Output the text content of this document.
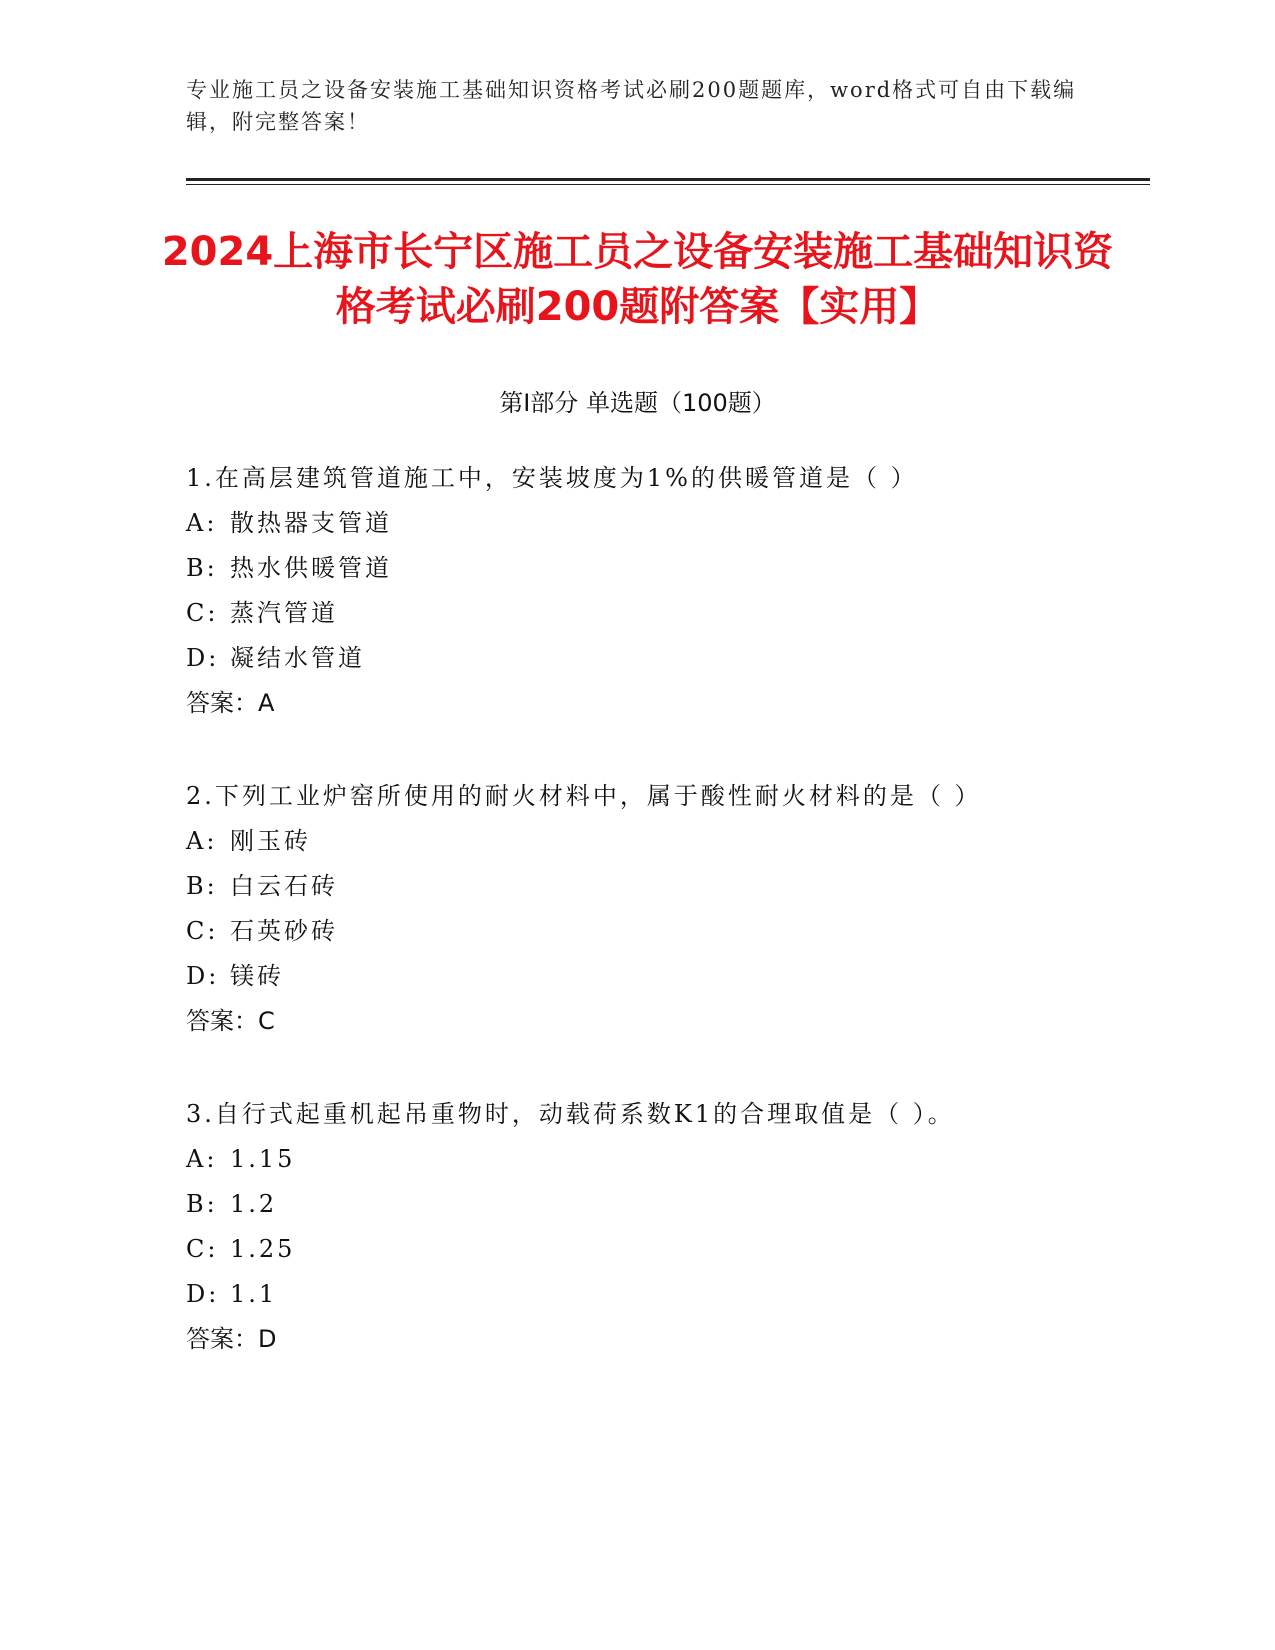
专业施工员之设备安装施工基础知识资格考试必刷200题题库，word格式可自由下载编辑，附完整答案！
2024上海市长宁区施工员之设备安装施工基础知识资格考试必刷200题附答案【实用】
第Ⅰ部分 单选题（100题）
1.在高层建筑管道施工中，安装坡度为1%的供暖管道是（ ）
A: 散热器支管道
B: 热水供暖管道
C: 蒸汽管道
D: 凝结水管道
答案：A
2.下列工业炉窑所使用的耐火材料中，属于酸性耐火材料的是（ ）
A: 刚玉砖
B: 白云石砖
C: 石英砂砖
D: 镁砖
答案：C
3.自行式起重机起吊重物时，动载荷系数K1的合理取值是（ ）。
A: 1.15
B: 1.2
C: 1.25
D: 1.1
答案：D
